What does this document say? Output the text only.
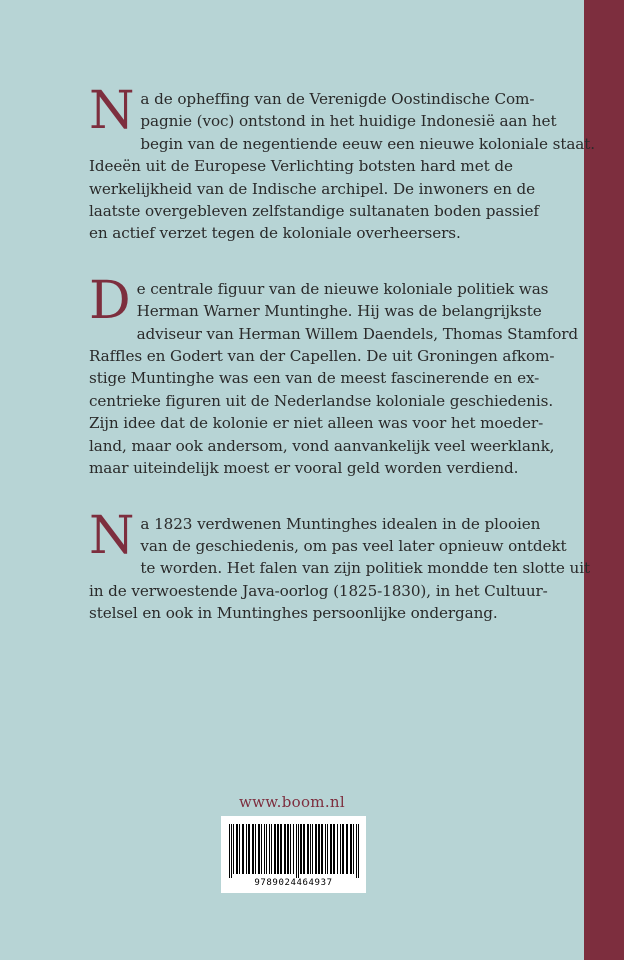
N a de opheffing van de Verenigde Oostindische Com-
pagnie (voc) ontstond in het huidige Indonesië aan het
begin van de negentiende eeuw een nieuwe koloniale staat.
Ideeën uit de Europese Verlichting botsten hard met de
werkelijkheid van de Indische archipel. De inwoners en de
laatste overgebleven zelfstandige sultanaten boden passief
en actief verzet tegen de koloniale overheersers.

D e centrale figuur van de nieuwe koloniale politiek was
Herman Warner Muntinghe. Hij was de belangrijkste
adviseur van Herman Willem Daendels, Thomas Stamford
Raffles en Godert van der Capellen. De uit Groningen afkom-
stige Muntinghe was een van de meest fascinerende en ex-
centrieke figuren uit de Nederlandse koloniale geschiedenis.
Zijn idee dat de kolonie er niet alleen was voor het moeder-
land, maar ook andersom, vond aanvankelijk veel weerklank,
maar uiteindelijk moest er vooral geld worden verdiend.

N a 1823 verdwenen Muntinghes idealen in de plooien
van de geschiedenis, om pas veel later opnieuw ontdekt
te worden. Het falen van zijn politiek mondde ten slotte uit
in de verwoestende Java-oorlog (1825-1830), in het Cultuur-
stelsel en ook in Muntinghes persoonlijke ondergang.

www.boom.nl
9789024464937
